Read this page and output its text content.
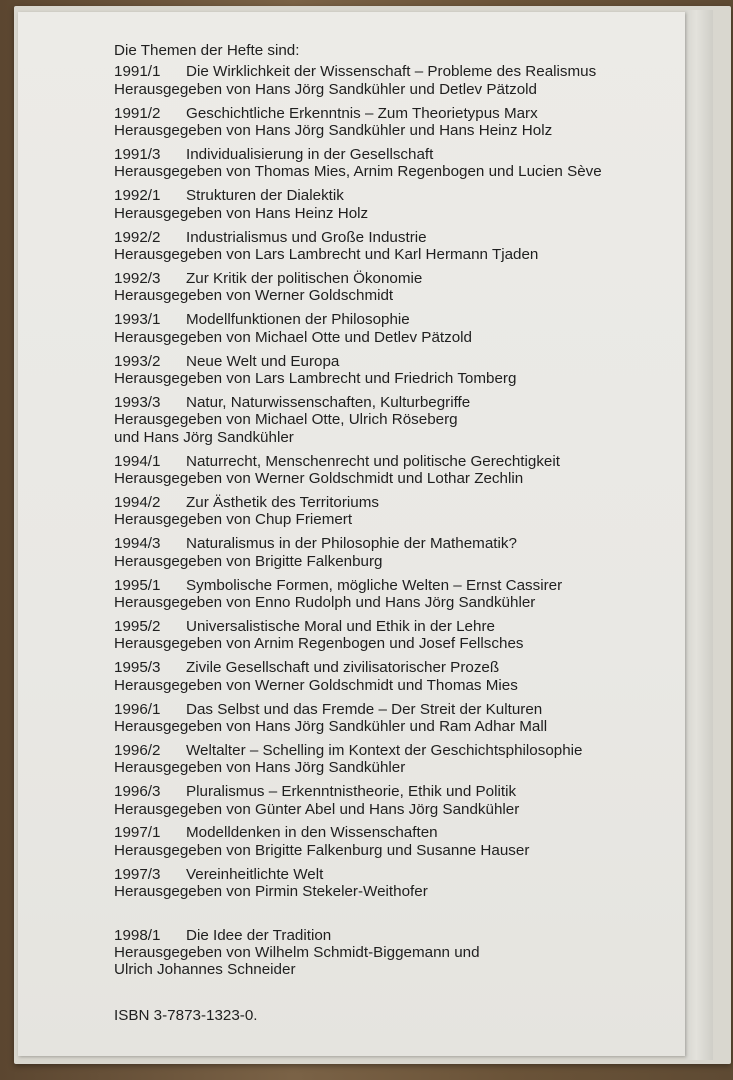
Die Themen der Hefte sind:
1991/1 Die Wirklichkeit der Wissenschaft – Probleme des Realismus
Herausgegeben von Hans Jörg Sandkühler und Detlev Pätzold
1991/2 Geschichtliche Erkenntnis – Zum Theorietypus Marx
Herausgegeben von Hans Jörg Sandkühler und Hans Heinz Holz
1991/3 Individualisierung in der Gesellschaft
Herausgegeben von Thomas Mies, Arnim Regenbogen und Lucien Sève
1992/1 Strukturen der Dialektik
Herausgegeben von Hans Heinz Holz
1992/2 Industrialismus und Große Industrie
Herausgegeben von Lars Lambrecht und Karl Hermann Tjaden
1992/3 Zur Kritik der politischen Ökonomie
Herausgegeben von Werner Goldschmidt
1993/1 Modellfunktionen der Philosophie
Herausgegeben von Michael Otte und Detlev Pätzold
1993/2 Neue Welt und Europa
Herausgegeben von Lars Lambrecht und Friedrich Tomberg
1993/3 Natur, Naturwissenschaften, Kulturbegriffe
Herausgegeben von Michael Otte, Ulrich Röseberg
und Hans Jörg Sandkühler
1994/1 Naturrecht, Menschenrecht und politische Gerechtigkeit
Herausgegeben von Werner Goldschmidt und Lothar Zechlin
1994/2 Zur Ästhetik des Territoriums
Herausgegeben von Chup Friemert
1994/3 Naturalismus in der Philosophie der Mathematik?
Herausgegeben von Brigitte Falkenburg
1995/1 Symbolische Formen, mögliche Welten – Ernst Cassirer
Herausgegeben von Enno Rudolph und Hans Jörg Sandkühler
1995/2 Universalistische Moral und Ethik in der Lehre
Herausgegeben von Arnim Regenbogen und Josef Fellsches
1995/3 Zivile Gesellschaft und zivilisatorischer Prozeß
Herausgegeben von Werner Goldschmidt und Thomas Mies
1996/1 Das Selbst und das Fremde – Der Streit der Kulturen
Herausgegeben von Hans Jörg Sandkühler und Ram Adhar Mall
1996/2 Weltalter – Schelling im Kontext der Geschichtsphilosophie
Herausgegeben von Hans Jörg Sandkühler
1996/3 Pluralismus – Erkenntnistheorie, Ethik und Politik
Herausgegeben von Günter Abel und Hans Jörg Sandkühler
1997/1 Modelldenken in den Wissenschaften
Herausgegeben von Brigitte Falkenburg und Susanne Hauser
1997/3 Vereinheitlichte Welt
Herausgegeben von Pirmin Stekeler-Weithofer
1998/1 Die Idee der Tradition
Herausgegeben von Wilhelm Schmidt-Biggemann und
Ulrich Johannes Schneider
ISBN 3-7873-1323-0.
